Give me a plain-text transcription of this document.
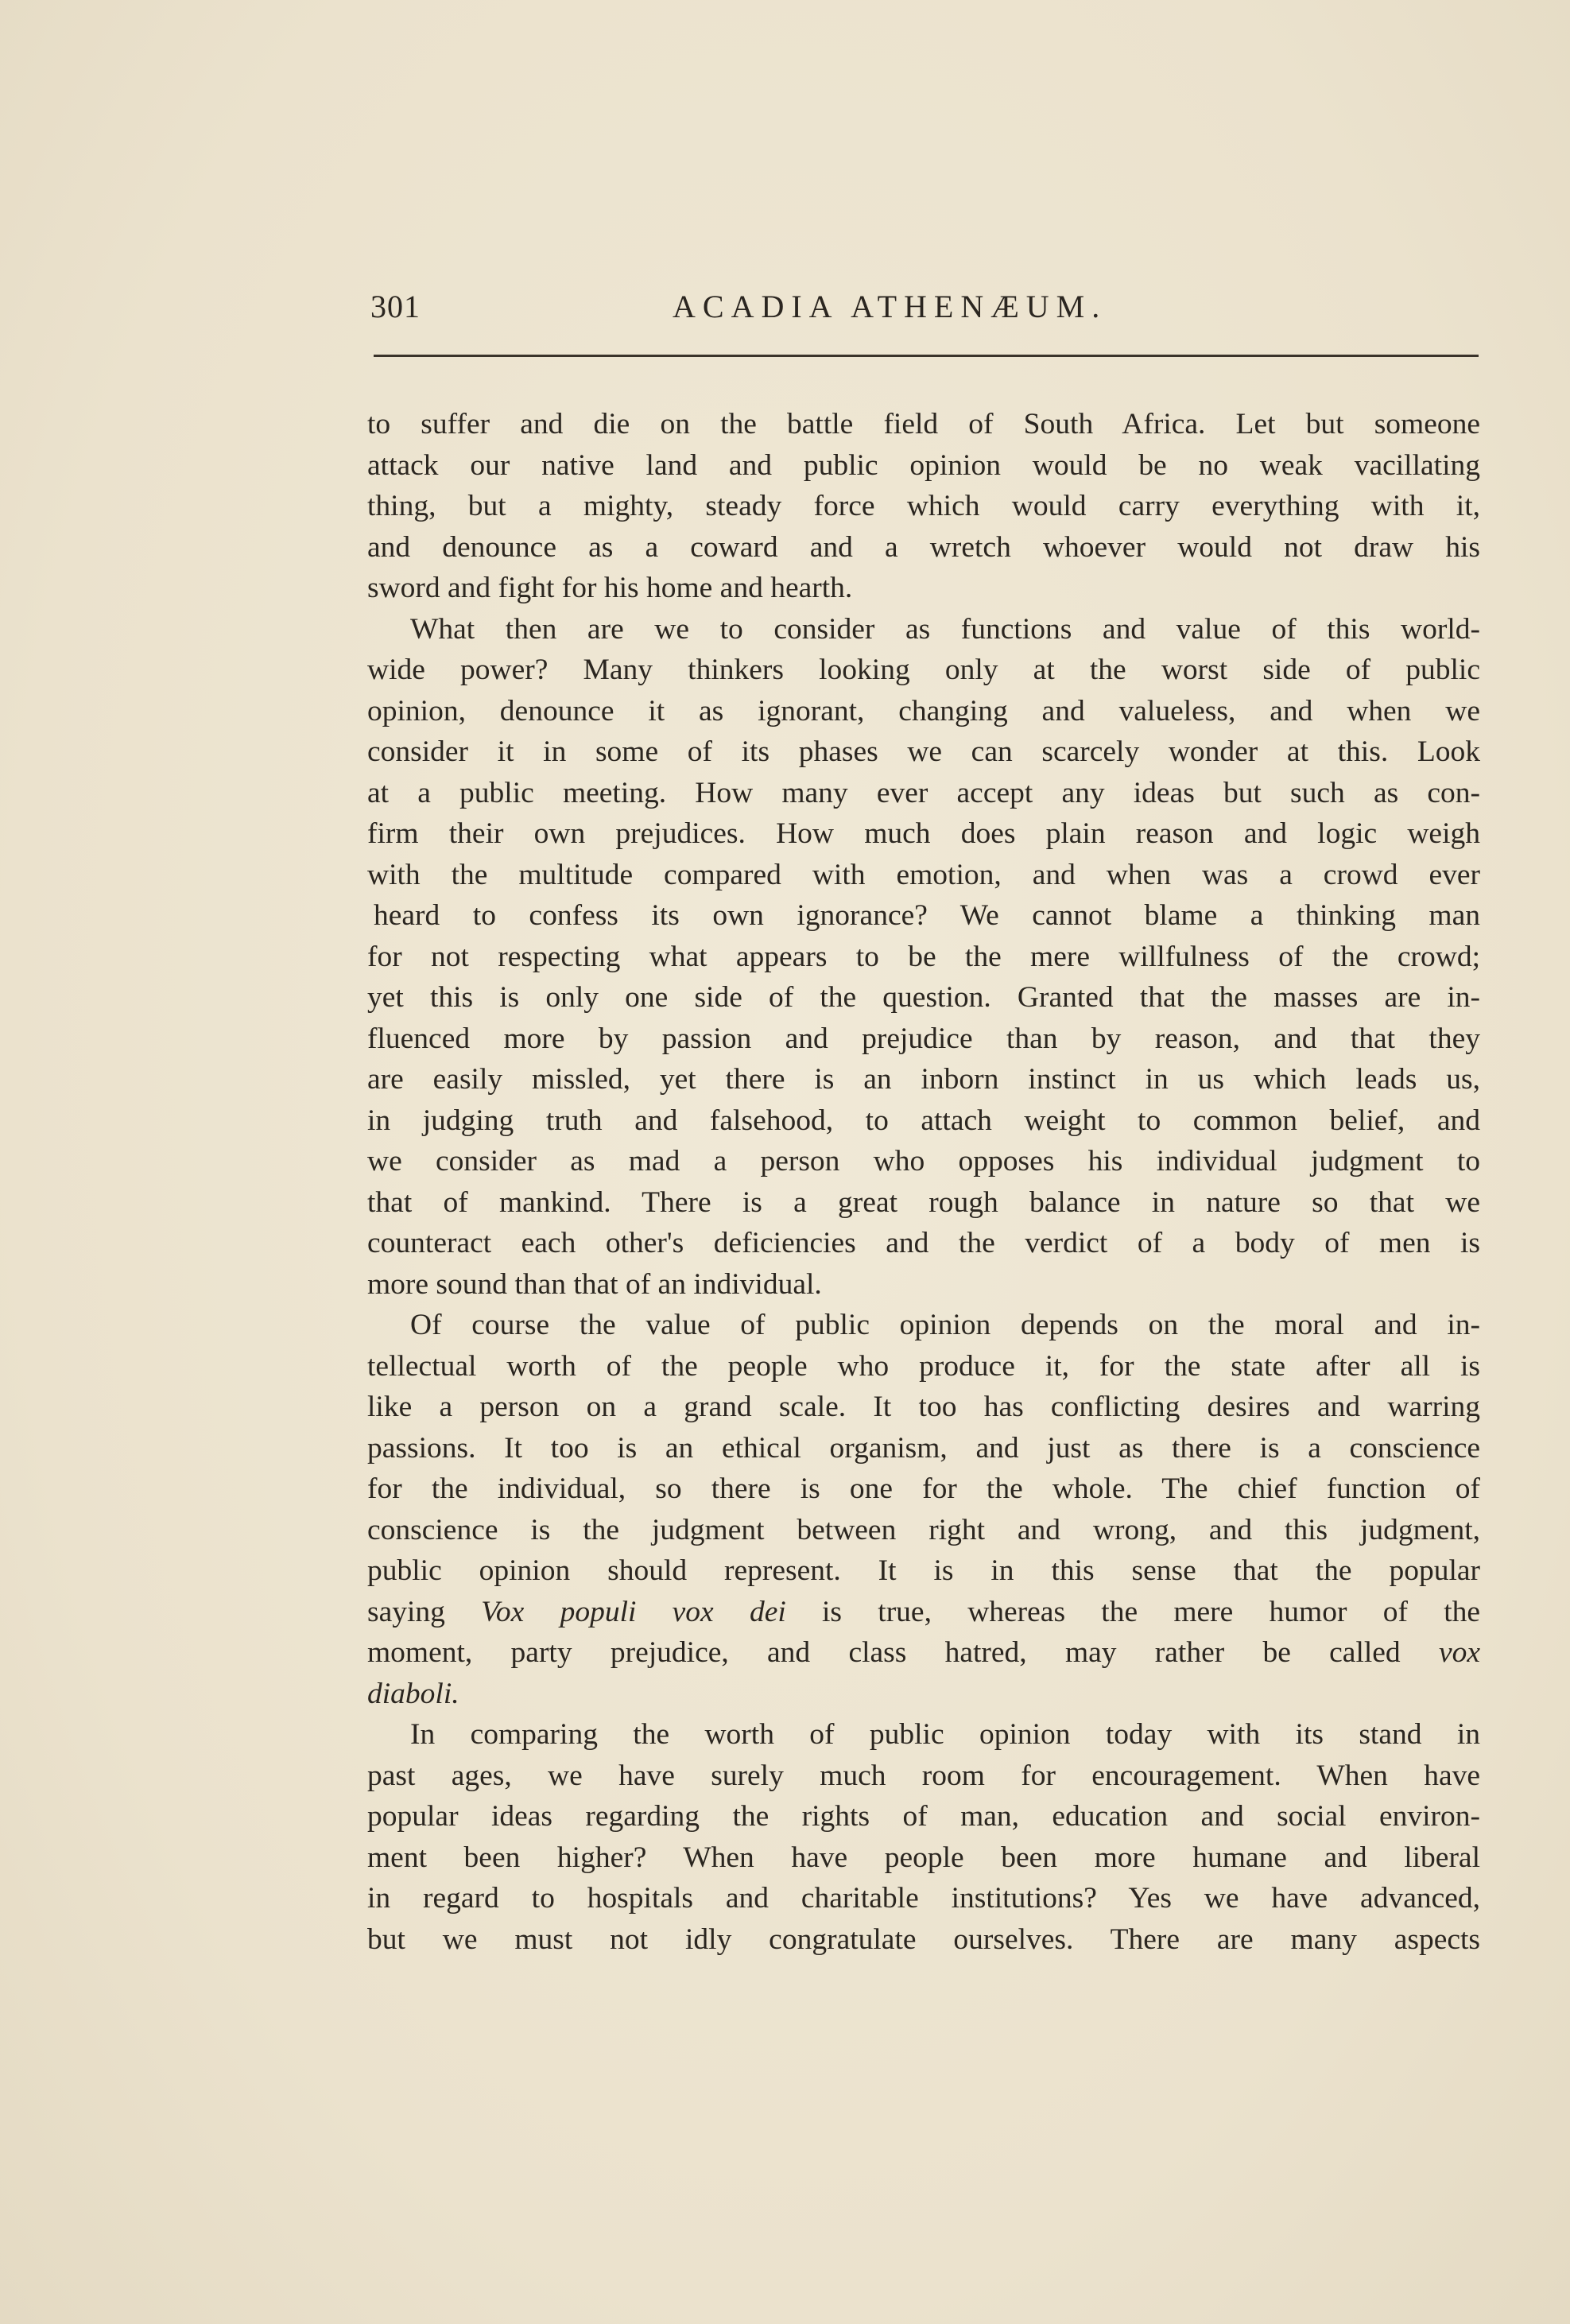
301	ACADIA ATHENÆUM.
to suffer and die on the battle field of South Africa. Let but someone
attack our native land and public opinion would be no weak vacillating
thing, but a mighty, steady force which would carry everything with it,
and denounce as a coward and a wretch whoever would not draw his
sword and fight for his home and hearth.
What then are we to consider as functions and value of this world-
wide power? Many thinkers looking only at the worst side of public
opinion, denounce it as ignorant, changing and valueless, and when we
consider it in some of its phases we can scarcely wonder at this. Look
at a public meeting. How many ever accept any ideas but such as con-
firm their own prejudices. How much does plain reason and logic weigh
with the multitude compared with emotion, and when was a crowd ever
heard to confess its own ignorance? We cannot blame a thinking man
for not respecting what appears to be the mere willfulness of the crowd;
yet this is only one side of the question. Granted that the masses are in-
fluenced more by passion and prejudice than by reason, and that they
are easily missled, yet there is an inborn instinct in us which leads us,
in judging truth and falsehood, to attach weight to common belief, and
we consider as mad a person who opposes his individual judgment to
that of mankind. There is a great rough balance in nature so that we
counteract each other's deficiencies and the verdict of a body of men is
more sound than that of an individual.
Of course the value of public opinion depends on the moral and in-
tellectual worth of the people who produce it, for the state after all is
like a person on a grand scale. It too has conflicting desires and warring
passions. It too is an ethical organism, and just as there is a conscience
for the individual, so there is one for the whole. The chief function of
conscience is the judgment between right and wrong, and this judgment,
public opinion should represent. It is in this sense that the popular
saying Vox populi vox dei is true, whereas the mere humor of the
moment, party prejudice, and class hatred, may rather be called vox
diaboli.
In comparing the worth of public opinion today with its stand in
past ages, we have surely much room for encouragement. When have
popular ideas regarding the rights of man, education and social environ-
ment been higher? When have people been more humane and liberal
in regard to hospitals and charitable institutions? Yes we have advanced,
but we must not idly congratulate ourselves. There are many aspects
